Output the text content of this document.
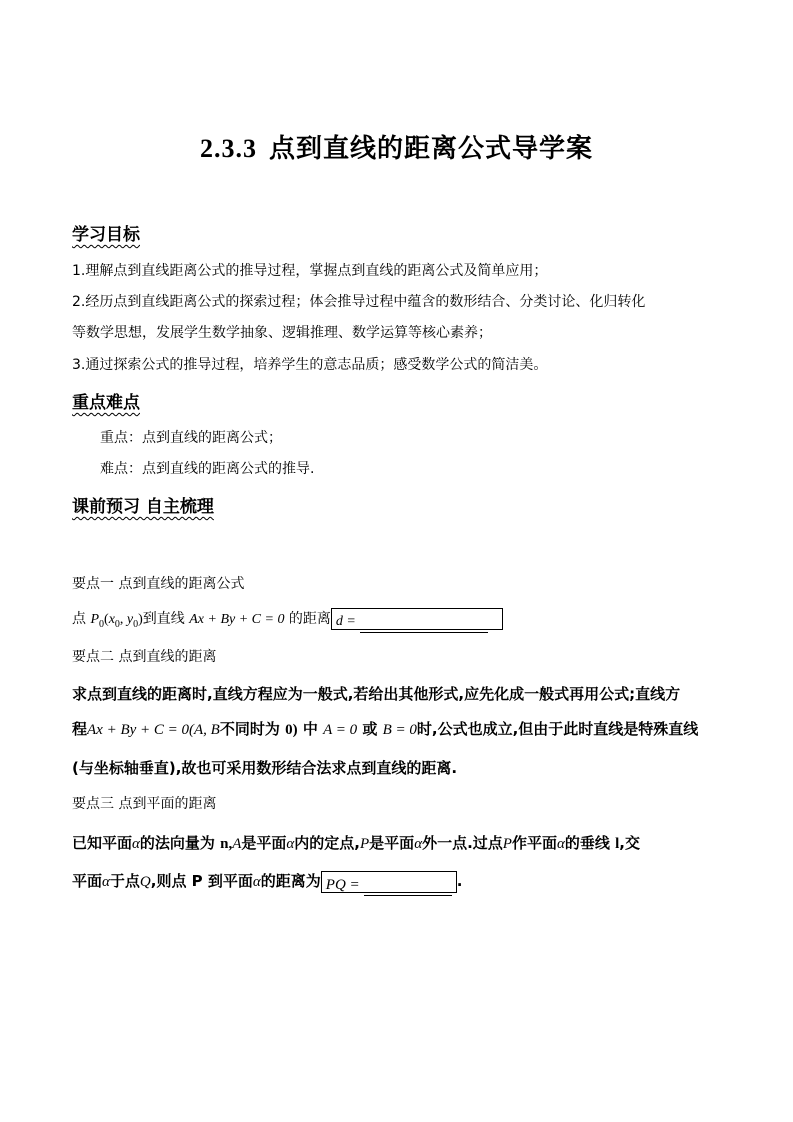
2.3.3 点到直线的距离公式导学案
学习目标
1.理解点到直线距离公式的推导过程，掌握点到直线的距离公式及简单应用；
2.经历点到直线距离公式的探索过程；体会推导过程中蕴含的数形结合、分类讨论、化归转化
等数学思想，发展学生数学抽象、逻辑推理、数学运算等核心素养；
3.通过探索公式的推导过程，培养学生的意志品质；感受数学公式的简洁美。
重点难点
重点：点到直线的距离公式；
难点：点到直线的距离公式的推导.
课前预习 自主梳理
要点一 点到直线的距离公式
点 $P_0(x_0$, $y_0$)到直线 Ax + By + C = 0 的距离 d =
要点二 点到直线的距离
求点到直线的距离时,直线方程应为一般式,若给出其他形式,应先化成一般式再用公式;直线方
程Ax + By + C = 0(A, B不同时为 0) 中 A = 0 或 B = 0时,公式也成立,但由于此时直线是特殊直线
(与坐标轴垂直),故也可采用数形结合法求点到直线的距离.
要点三 点到平面的距离
已知平面α的法向量为 n,A是平面α内的定点,P是平面α外一点.过点P作平面α的垂线 l,交
平面α于点Q,则点 P 到平面α的距离为 PQ =	.
